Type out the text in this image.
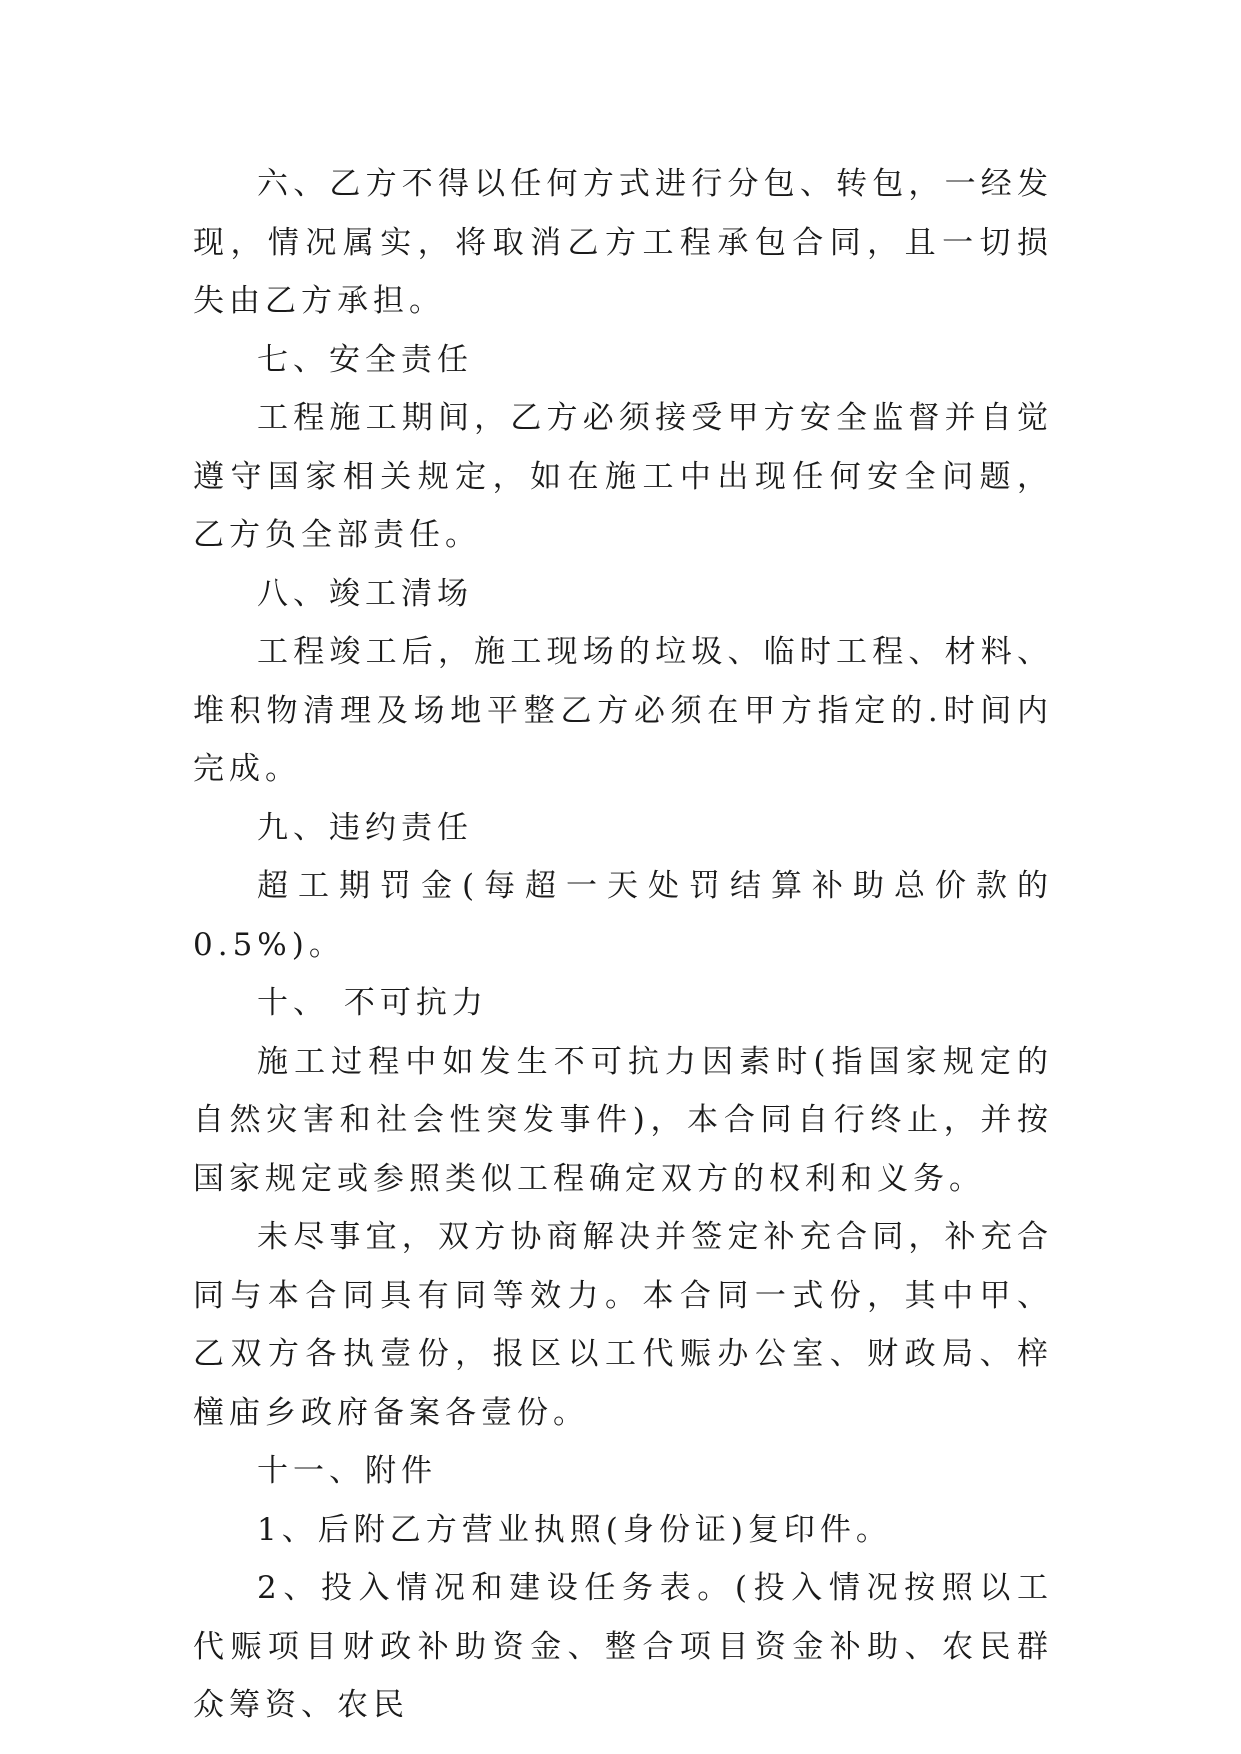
六、乙方不得以任何方式进行分包、转包，一经发现，情况属实，将取消乙方工程承包合同，且一切损失由乙方承担。

七、安全责任

工程施工期间，乙方必须接受甲方安全监督并自觉遵守国家相关规定，如在施工中出现任何安全问题，乙方负全部责任。

八、竣工清场

工程竣工后，施工现场的垃圾、临时工程、材料、堆积物清理及场地平整乙方必须在甲方指定的.时间内完成。

九、违约责任

超工期罚金(每超一天处罚结算补助总价款的0.5%)。

十、 不可抗力

施工过程中如发生不可抗力因素时(指国家规定的自然灾害和社会性突发事件)，本合同自行终止，并按国家规定或参照类似工程确定双方的权利和义务。

未尽事宜，双方协商解决并签定补充合同，补充合同与本合同具有同等效力。本合同一式份，其中甲、乙双方各执壹份，报区以工代赈办公室、财政局、梓橦庙乡政府备案各壹份。

十一、附件

1、后附乙方营业执照(身份证)复印件。

2、投入情况和建设任务表。(投入情况按照以工代赈项目财政补助资金、整合项目资金补助、农民群众筹资、农民
